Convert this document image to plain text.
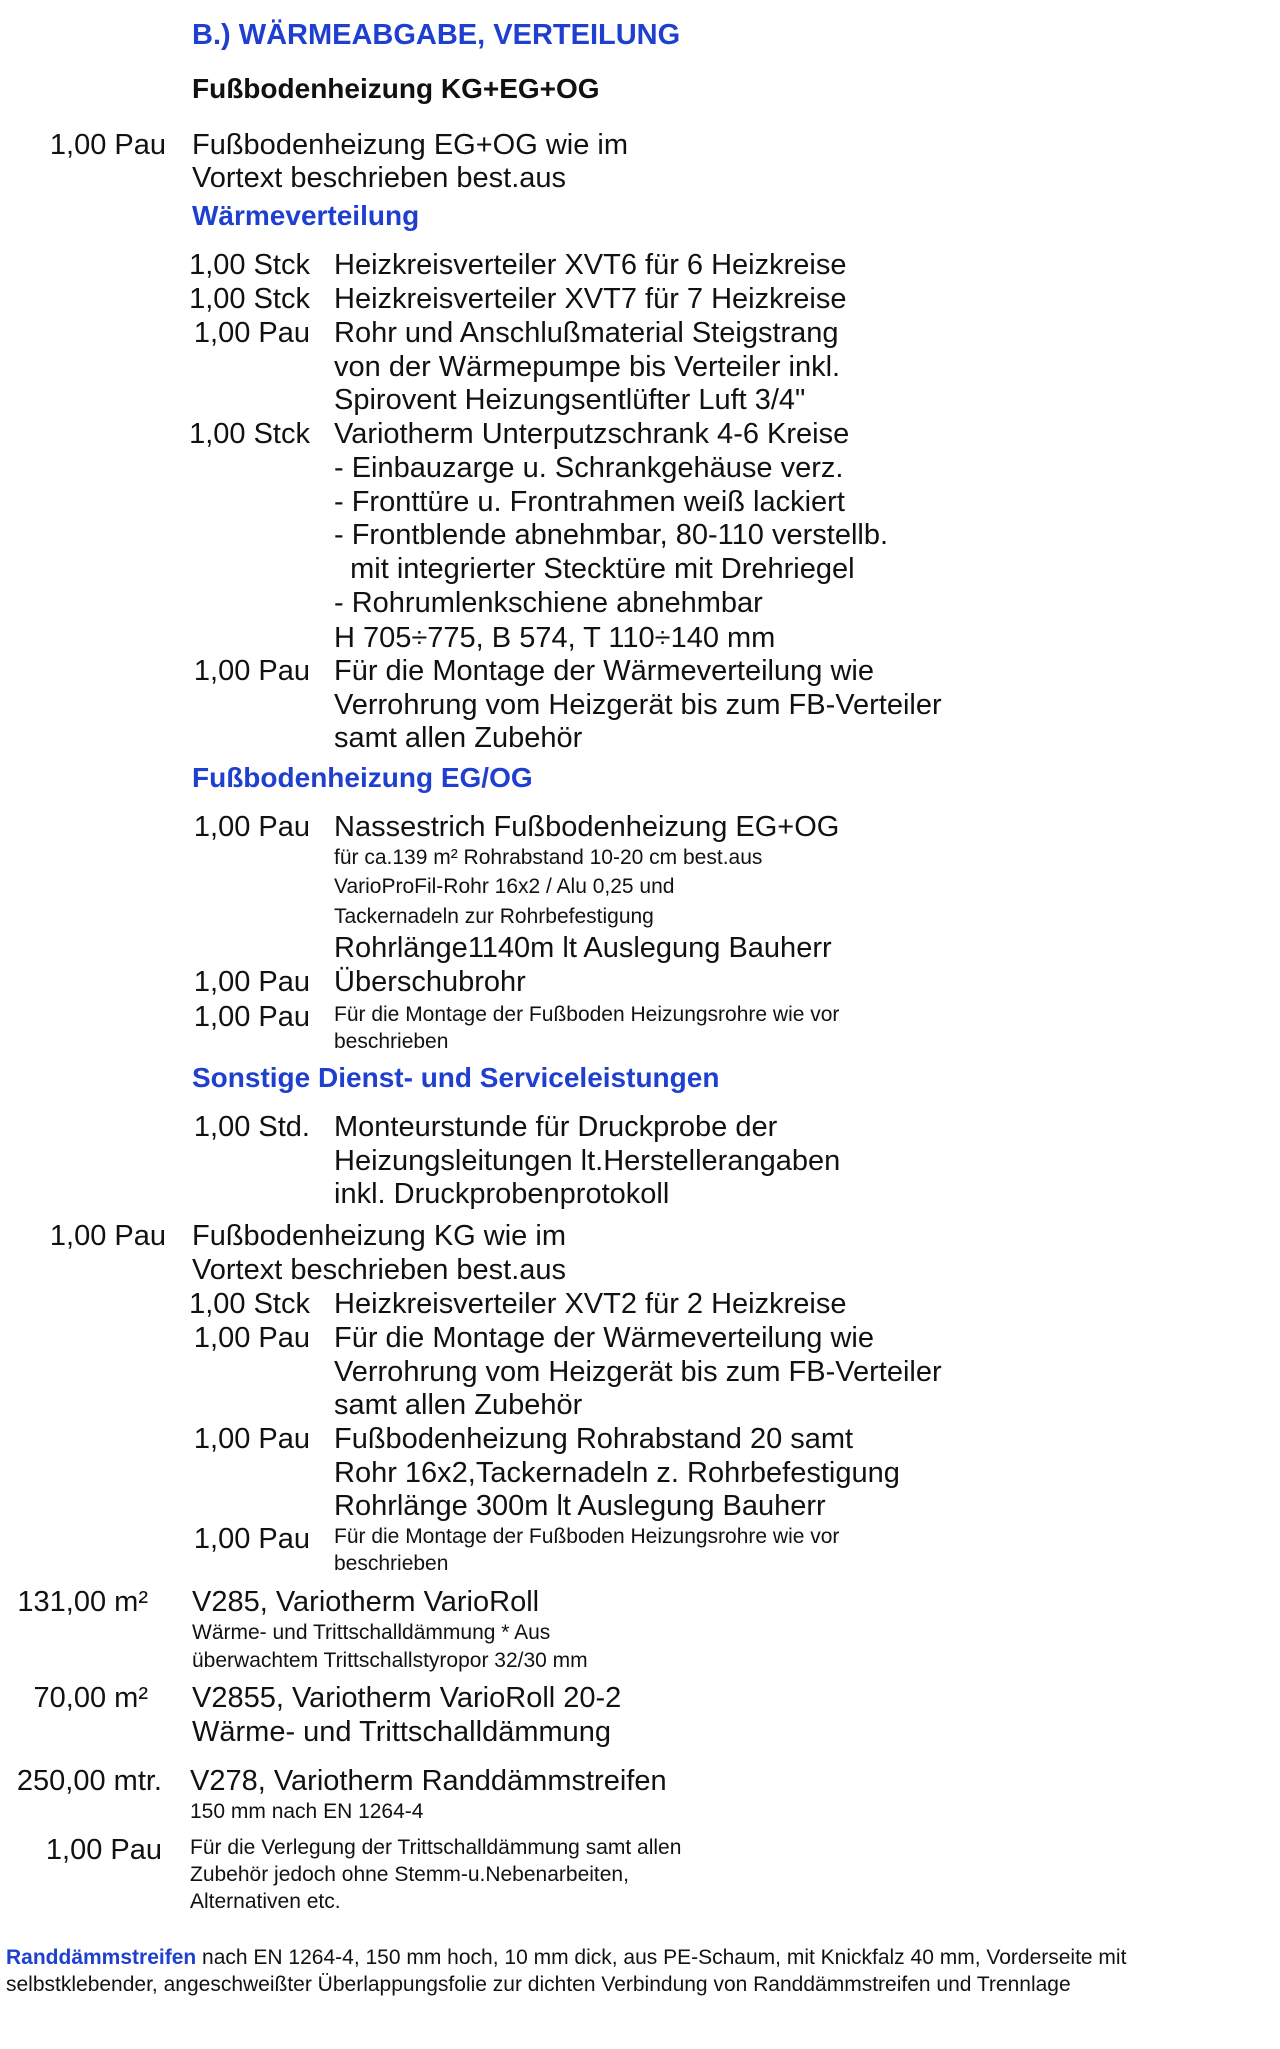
B.) WÄRMEABGABE, VERTEILUNG
Fußbodenheizung KG+EG+OG
1,00 Pau Fußbodenheizung EG+OG wie im
Vortext beschrieben best.aus
Wärmeverteilung
1,00 Stck Heizkreisverteiler XVT6 für 6 Heizkreise
1,00 Stck Heizkreisverteiler XVT7 für 7 Heizkreise
1,00 Pau Rohr und Anschlußmaterial Steigstrang
von der Wärmepumpe bis Verteiler inkl.
Spirovent Heizungsentlüfter Luft 3/4"
1,00 Stck Variotherm Unterputzschrank 4-6 Kreise
- Einbauzarge u. Schrankgehäuse verz.
- Fronttüre u. Frontrahmen weiß lackiert
- Frontblende abnehmbar, 80-110 verstellb.
mit integrierter Stecktüre mit Drehriegel
- Rohrumlenkschiene abnehmbar
H 705÷775, B 574, T 110÷140 mm
1,00 Pau Für die Montage der Wärmeverteilung wie
Verrohrung vom Heizgerät bis zum FB-Verteiler
samt allen Zubehör
Fußbodenheizung EG/OG
1,00 Pau Nassestrich Fußbodenheizung EG+OG
für ca.139 m² Rohrabstand 10-20 cm best.aus
VarioProFil-Rohr 16x2 / Alu 0,25 und
Tackernadeln zur Rohrbefestigung
Rohrlänge1140m lt Auslegung Bauherr
1,00 Pau Überschubrohr
1,00 Pau Für die Montage der Fußboden Heizungsrohre wie vor
beschrieben
Sonstige Dienst- und Serviceleistungen
1,00 Std. Monteurstunde für Druckprobe der
Heizungsleitungen lt.Herstellerangaben
inkl. Druckprobenprotokoll
1,00 Pau Fußbodenheizung KG wie im
Vortext beschrieben best.aus
1,00 Stck Heizkreisverteiler XVT2 für 2 Heizkreise
1,00 Pau Für die Montage der Wärmeverteilung wie
Verrohrung vom Heizgerät bis zum FB-Verteiler
samt allen Zubehör
1,00 Pau Fußbodenheizung Rohrabstand 20 samt
Rohr 16x2,Tackernadeln z. Rohrbefestigung
Rohrlänge 300m lt Auslegung Bauherr
1,00 Pau Für die Montage der Fußboden Heizungsrohre wie vor
beschrieben
131,00 m² V285, Variotherm VarioRoll
Wärme- und Trittschalldämmung * Aus
überwachtem Trittschallstyropor 32/30 mm
70,00 m² V2855, Variotherm VarioRoll 20-2
Wärme- und Trittschalldämmung
250,00 mtr. V278, Variotherm Randdämmstreifen
150 mm nach EN 1264-4
1,00 Pau Für die Verlegung der Trittschalldämmung samt allen
Zubehör jedoch ohne Stemm-u.Nebenarbeiten,
Alternativen etc.
Randdämmstreifen nach EN 1264-4, 150 mm hoch, 10 mm dick, aus PE-Schaum, mit Knickfalz 40 mm, Vorderseite mit
selbstklebender, angeschweißter Überlappungsfolie zur dichten Verbindung von Randdämmstreifen und Trennlage
